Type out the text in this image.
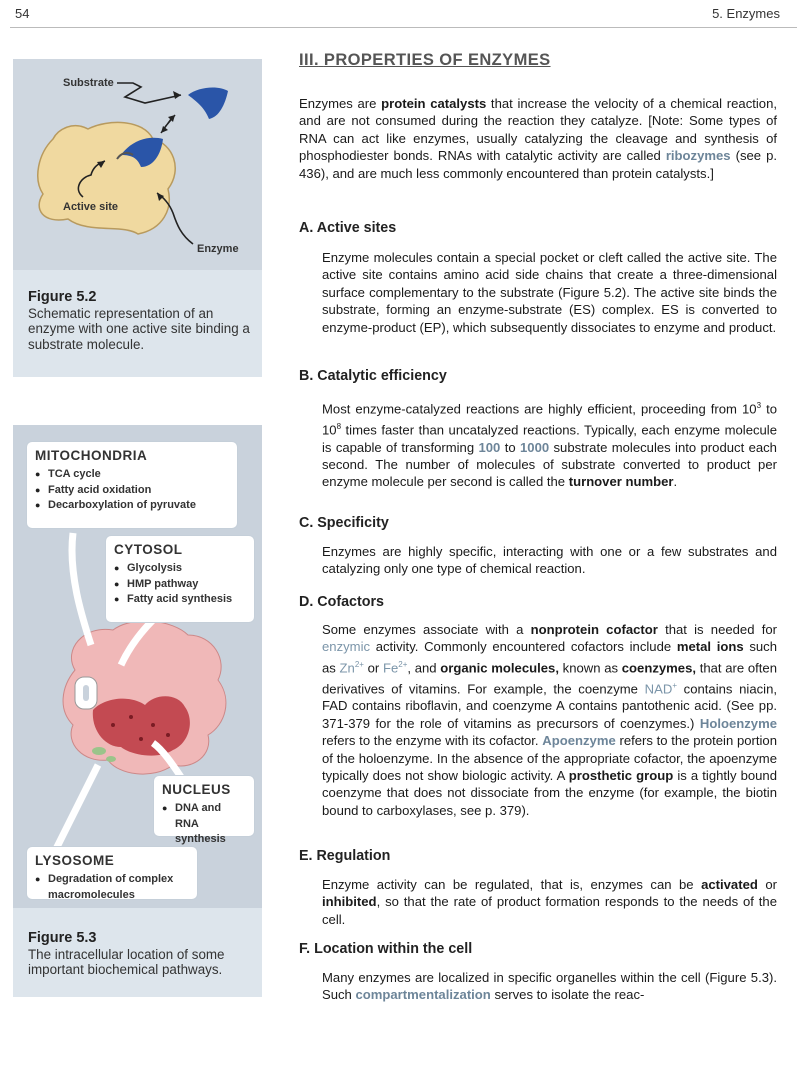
54	5. Enzymes
Substrate
Active site
Enzyme
Figure 5.2
Schematic representation of an enzyme with one active site binding a substrate molecule.
MITOCHONDRIA
● TCA cycle
● Fatty acid oxidation
● Decarboxylation of pyruvate
CYTOSOL
● Glycolysis
● HMP pathway
● Fatty acid synthesis
NUCLEUS
● DNA and RNA synthesis
LYSOSOME
● Degradation of complex macromolecules
Figure 5.3
The intracellular location of some important biochemical pathways.
III. PROPERTIES OF ENZYMES
Enzymes are protein catalysts that increase the velocity of a chemical reaction, and are not consumed during the reaction they catalyze. [Note: Some types of RNA can act like enzymes, usually catalyzing the cleavage and synthesis of phosphodiester bonds. RNAs with catalytic activity are called ribozymes (see p. 436), and are much less commonly encountered than protein catalysts.]
A. Active sites
Enzyme molecules contain a special pocket or cleft called the active site. The active site contains amino acid side chains that create a three-dimensional surface complementary to the substrate (Figure 5.2). The active site binds the substrate, forming an enzyme-substrate (ES) complex. ES is converted to enzyme-product (EP), which subsequently dissociates to enzyme and product.
B. Catalytic efficiency
Most enzyme-catalyzed reactions are highly efficient, proceeding from $10^3$ to $10^8$ times faster than uncatalyzed reactions. Typically, each enzyme molecule is capable of transforming 100 to 1000 substrate molecules into product each second. The number of molecules of substrate converted to product per enzyme molecule per second is called the turnover number.
C. Specificity
Enzymes are highly specific, interacting with one or a few substrates and catalyzing only one type of chemical reaction.
D. Cofactors
Some enzymes associate with a nonprotein cofactor that is needed for enzymic activity. Commonly encountered cofactors include metal ions such as $Zn^{2+}$ or $Fe^{2+}$, and organic molecules, known as coenzymes, that are often derivatives of vitamins. For example, the coenzyme NAD+ contains niacin, FAD contains riboflavin, and coenzyme A contains pantothenic acid. (See pp. 371-379 for the role of vitamins as precursors of coenzymes.) Holoenzyme refers to the enzyme with its cofactor. Apoenzyme refers to the protein portion of the holoenzyme. In the absence of the appropriate cofactor, the apoenzyme typically does not show biologic activity. A prosthetic group is a tightly bound coenzyme that does not dissociate from the enzyme (for example, the biotin bound to carboxylases, see p. 379).
E. Regulation
Enzyme activity can be regulated, that is, enzymes can be activated or inhibited, so that the rate of product formation responds to the needs of the cell.
F. Location within the cell
Many enzymes are localized in specific organelles within the cell (Figure 5.3). Such compartmentalization serves to isolate the reac-
